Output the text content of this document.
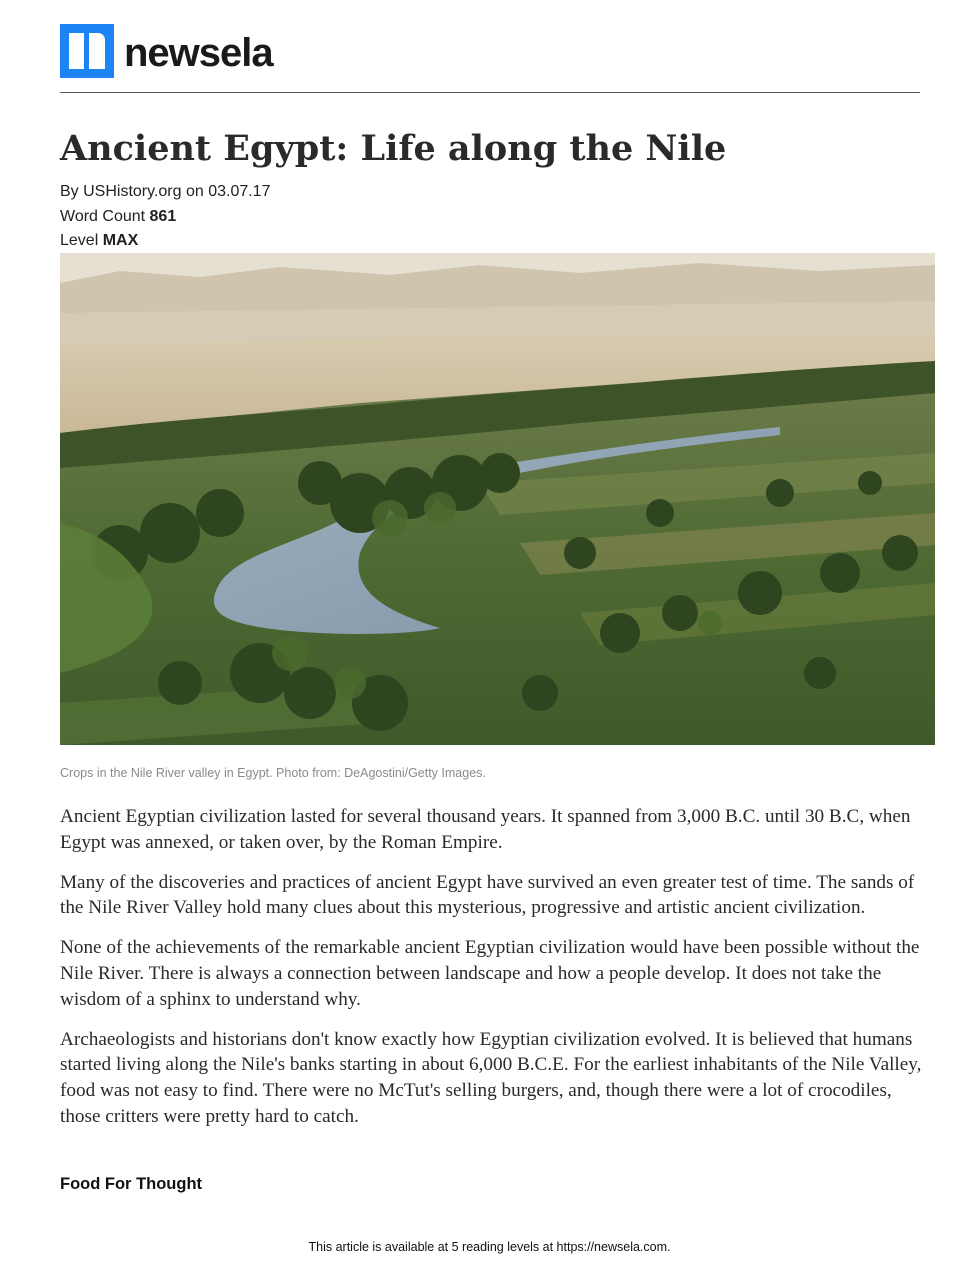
newsela
Ancient Egypt: Life along the Nile
By USHistory.org on 03.07.17
Word Count 861
Level MAX
Crops in the Nile River valley in Egypt. Photo from: DeAgostini/Getty Images.

Ancient Egyptian civilization lasted for several thousand years. It spanned from 3,000 B.C. until 30 B.C, when Egypt was annexed, or taken over, by the Roman Empire.

Many of the discoveries and practices of ancient Egypt have survived an even greater test of time. The sands of the Nile River Valley hold many clues about this mysterious, progressive and artistic ancient civilization.

None of the achievements of the remarkable ancient Egyptian civilization would have been possible without the Nile River. There is always a connection between landscape and how a people develop. It does not take the wisdom of a sphinx to understand why.

Archaeologists and historians don't know exactly how Egyptian civilization evolved. It is believed that humans started living along the Nile's banks starting in about 6,000 B.C.E. For the earliest inhabitants of the Nile Valley, food was not easy to find. There were no McTut's selling burgers, and, though there were a lot of crocodiles, those critters were pretty hard to catch.

Food For Thought
This article is available at 5 reading levels at https://newsela.com.
